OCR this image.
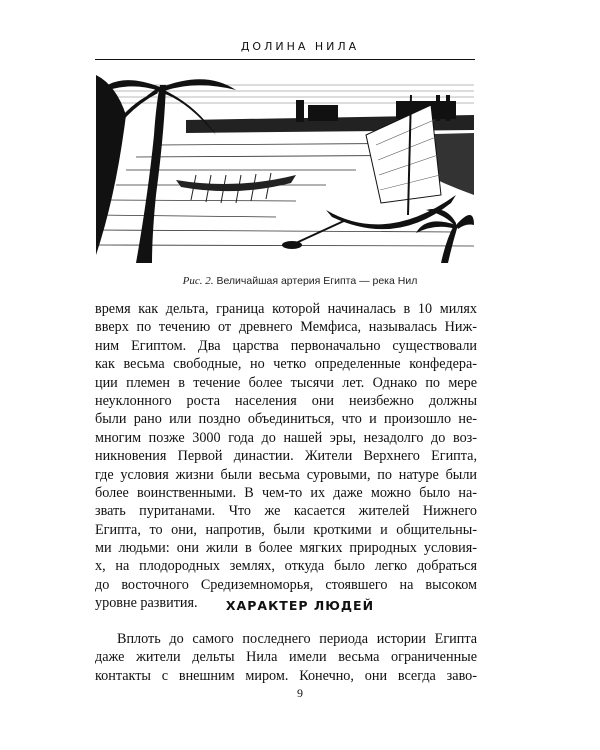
ДОЛИНА НИЛА
Рис. 2. Величайшая артерия Египта — река Нил
время как дельта, граница которой начиналась в 10 милях
вверх по течению от древнего Мемфиса, называлась Ниж-
ним Египтом. Два царства первоначально существовали
как весьма свободные, но четко определенные конфедера-
ции племен в течение более тысячи лет. Однако по мере
неуклонного роста населения они неизбежно должны
были рано или поздно объединиться, что и произошло не-
многим позже 3000 года до нашей эры, незадолго до воз-
никновения Первой династии. Жители Верхнего Египта,
где условия жизни были весьма суровыми, по натуре были
более воинственными. В чем-то их даже можно было на-
звать пуританами. Что же касается жителей Нижнего
Египта, то они, напротив, были кроткими и общительны-
ми людьми: они жили в более мягких природных условия-
х, на плодородных землях, откуда было легко добраться
до восточного Средиземноморья, стоявшего на высоком
уровне развития.	ХАРАКТЕР ЛЮДЕЙ
Вплоть до самого последнего периода истории Египта
даже жители дельты Нила имели весьма ограниченные
контакты с внешним миром. Конечно, они всегда заво-
9
